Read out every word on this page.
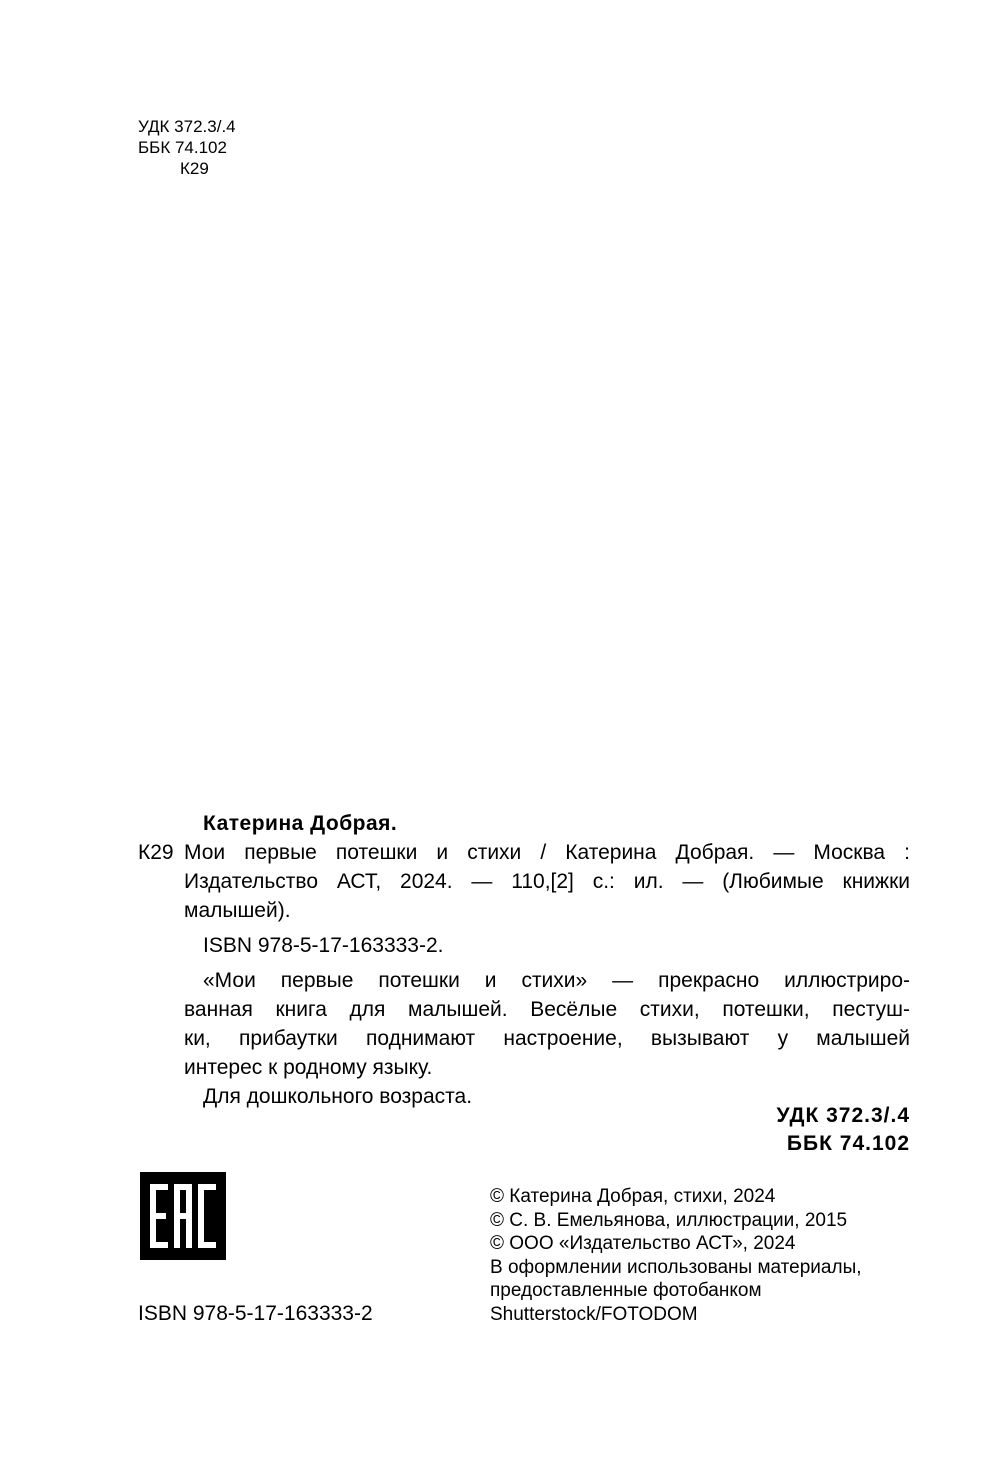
УДК 372.3/.4
ББК 74.102
К29
Катерина Добрая.
К29 Мои первые потешки и стихи / Катерина Добрая. — Москва :
Издательство АСТ, 2024. — 110,[2] с.: ил. — (Любимые книжки
малышей).
ISBN 978-5-17-163333-2.
«Мои первые потешки и стихи» — прекрасно иллюстриро-
ванная книга для малышей. Весёлые стихи, потешки, пестуш-
ки, прибаутки поднимают настроение, вызывают у малышей
интерес к родному языку.
Для дошкольного возраста.
УДК 372.3/.4
ББК 74.102
ISBN 978-5-17-163333-2
© Катерина Добрая, стихи, 2024
© С. В. Емельянова, иллюстрации, 2015
© ООО «Издательство АСТ», 2024
В оформлении использованы материалы,
предоставленные фотобанком
Shutterstock/FOTODOM
